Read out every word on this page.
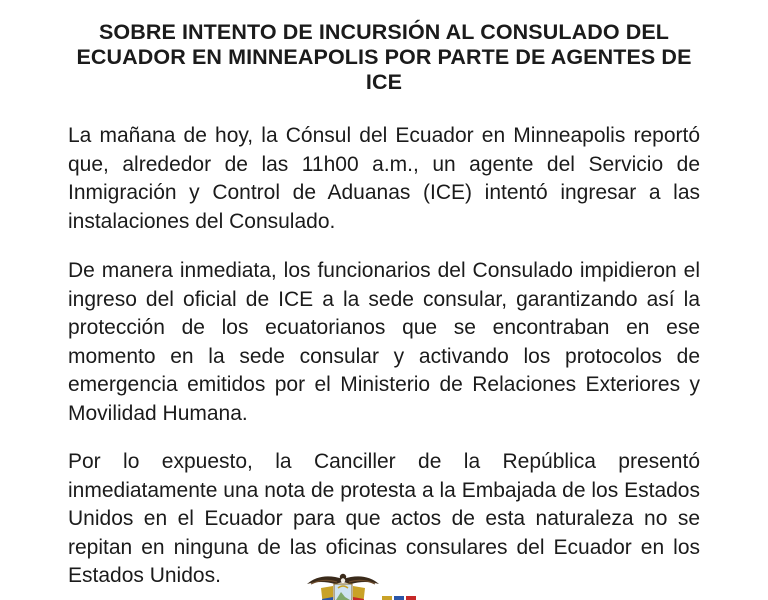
SOBRE INTENTO DE INCURSIÓN AL CONSULADO DEL ECUADOR EN MINNEAPOLIS POR PARTE DE AGENTES DE ICE

La mañana de hoy, la Cónsul del Ecuador en Minneapolis reportó que, alrededor de las 11h00 a.m., un agente del Servicio de Inmigración y Control de Aduanas (ICE) intentó ingresar a las instalaciones del Consulado.

De manera inmediata, los funcionarios del Consulado impidieron el ingreso del oficial de ICE a la sede consular, garantizando así la protección de los ecuatorianos que se encontraban en ese momento en la sede consular y activando los protocolos de emergencia emitidos por el Ministerio de Relaciones Exteriores y Movilidad Humana.

Por lo expuesto, la Canciller de la República presentó inmediatamente una nota de protesta a la Embajada de los Estados Unidos en el Ecuador para que actos de esta naturaleza no se repitan en ninguna de las oficinas consulares del Ecuador en los Estados Unidos.
